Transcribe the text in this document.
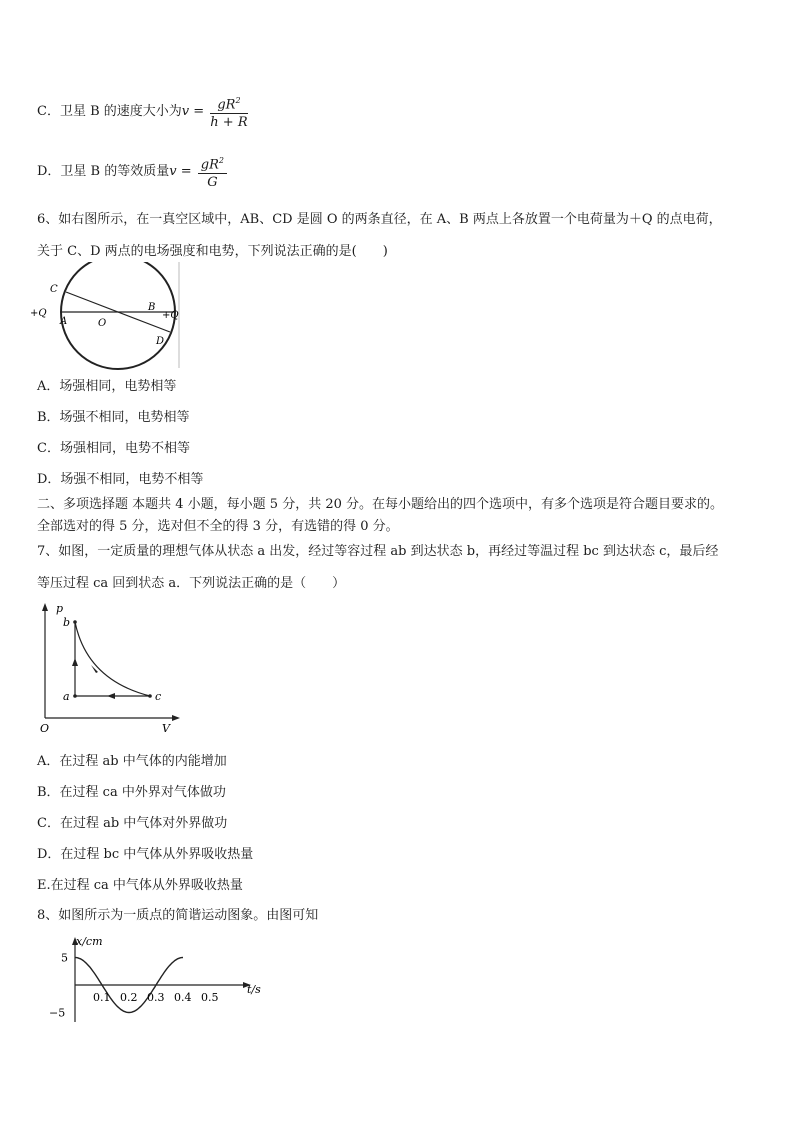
C．卫星 B 的速度大小为$v = \frac{gR^2}{h + R}$
D．卫星 B 的等效质量$v = \frac{gR^2}{G}$
6、如右图所示，在一真空区域中，AB、CD 是圆 O 的两条直径，在 A、B 两点上各放置一个电荷量为＋Q 的点电荷，
关于 C、D 两点的电场强度和电势，下列说法正确的是(　　)
C
+Q
A	O
B
+Q
D
A．场强相同，电势相等
B．场强不相同，电势相等
C．场强相同，电势不相等
D．场强不相同，电势不相等
二、多项选择题 本题共 4 小题，每小题 5 分，共 20 分。在每小题给出的四个选项中，有多个选项是符合题目要求的。
全部选对的得 5 分，选对但不全的得 3 分，有选错的得 0 分。
7、如图，一定质量的理想气体从状态 a 出发，经过等容过程 ab 到达状态 b，再经过等温过程 bc 到达状态 c，最后经
等压过程 ca 回到状态 a．下列说法正确的是（　　）
p
b
a	c
O	V
A．在过程 ab 中气体的内能增加
B．在过程 ca 中外界对气体做功
C．在过程 ab 中气体对外界做功
D．在过程 bc 中气体从外界吸收热量
E.在过程 ca 中气体从外界吸收热量
8、如图所示为一质点的简谐运动图象。由图可知
x/cm
t/s
0.1 0.2 0.3 0.4 0.5
5
−5
